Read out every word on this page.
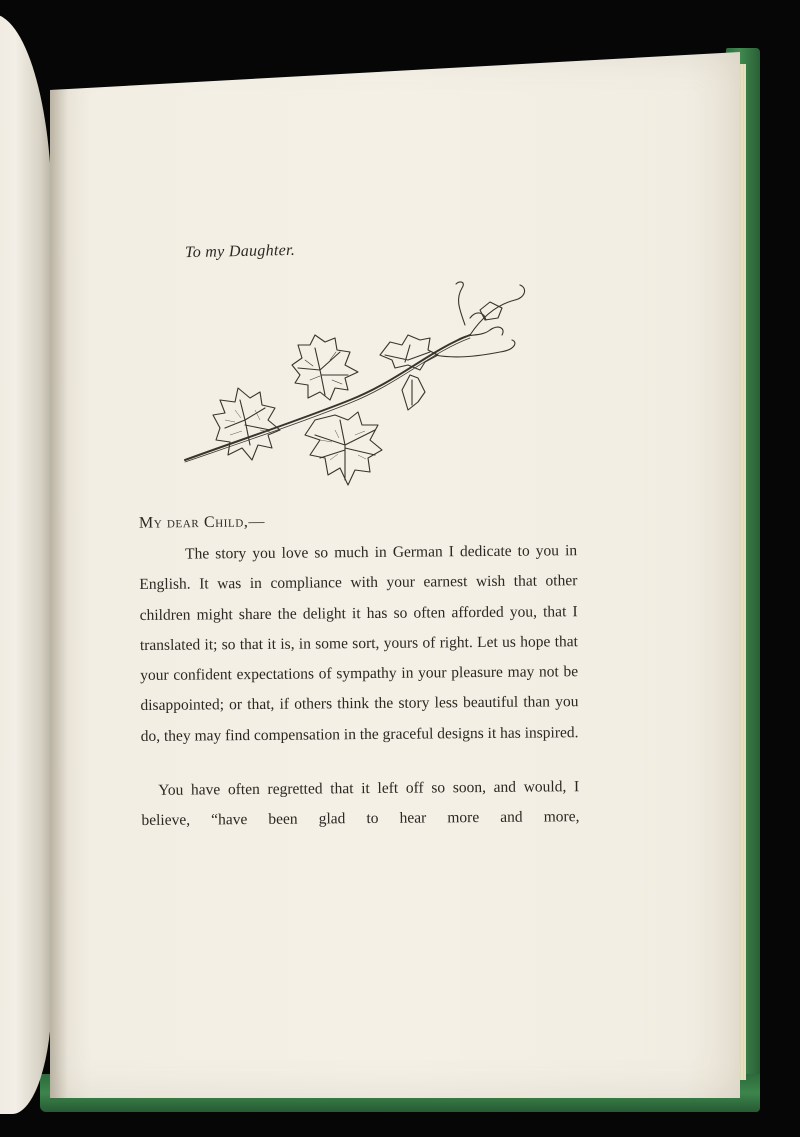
To my Daughter.
My dear Child,—

The story you love so much in German I dedicate to you in English. It was in compliance with your earnest wish that other children might share the delight it has so often afforded you, that I translated it; so that it is, in some sort, yours of right. Let us hope that your confident expectations of sympathy in your pleasure may not be disappointed; or that, if others think the story less beautiful than you do, they may find compensation in the graceful designs it has inspired.

You have often regretted that it left off so soon, and would, I believe, “have been glad to hear more and more,
